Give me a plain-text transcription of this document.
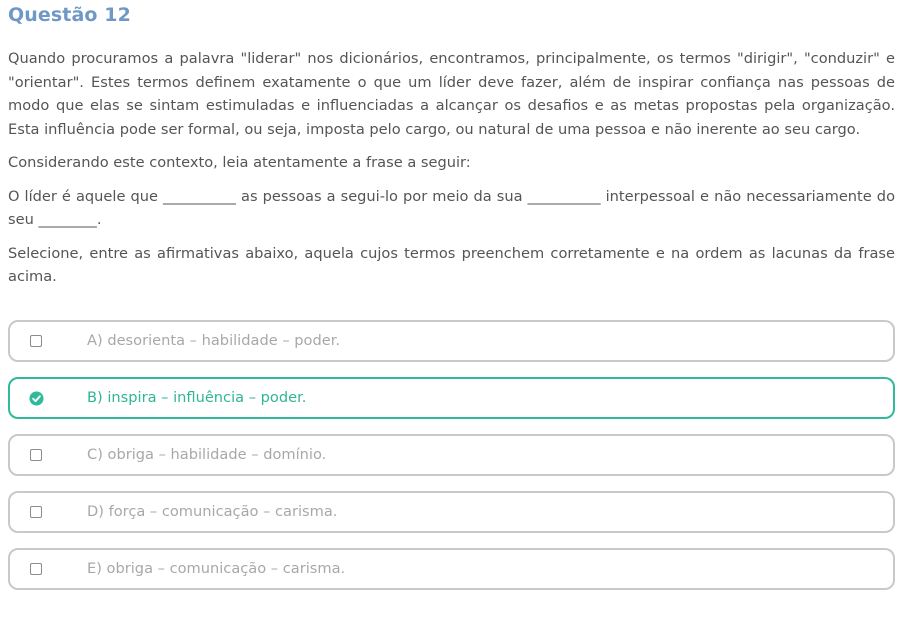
Questão 12

Quando procuramos a palavra "liderar" nos dicionários, encontramos, principalmente, os termos "dirigir", "conduzir" e "orientar". Estes termos definem exatamente o que um líder deve fazer, além de inspirar confiança nas pessoas de modo que elas se sintam estimuladas e influenciadas a alcançar os desafios e as metas propostas pela organização. Esta influência pode ser formal, ou seja, imposta pelo cargo, ou natural de uma pessoa e não inerente ao seu cargo.

Considerando este contexto, leia atentamente a frase a seguir:

O líder é aquele que __________ as pessoas a segui-lo por meio da sua __________ interpessoal e não necessariamente do seu ________.

Selecione, entre as afirmativas abaixo, aquela cujos termos preenchem corretamente e na ordem as lacunas da frase acima.

A) desorienta – habilidade – poder.
B) inspira – influência – poder.
C) obriga – habilidade – domínio.
D) força – comunicação – carisma.
E) obriga – comunicação – carisma.
